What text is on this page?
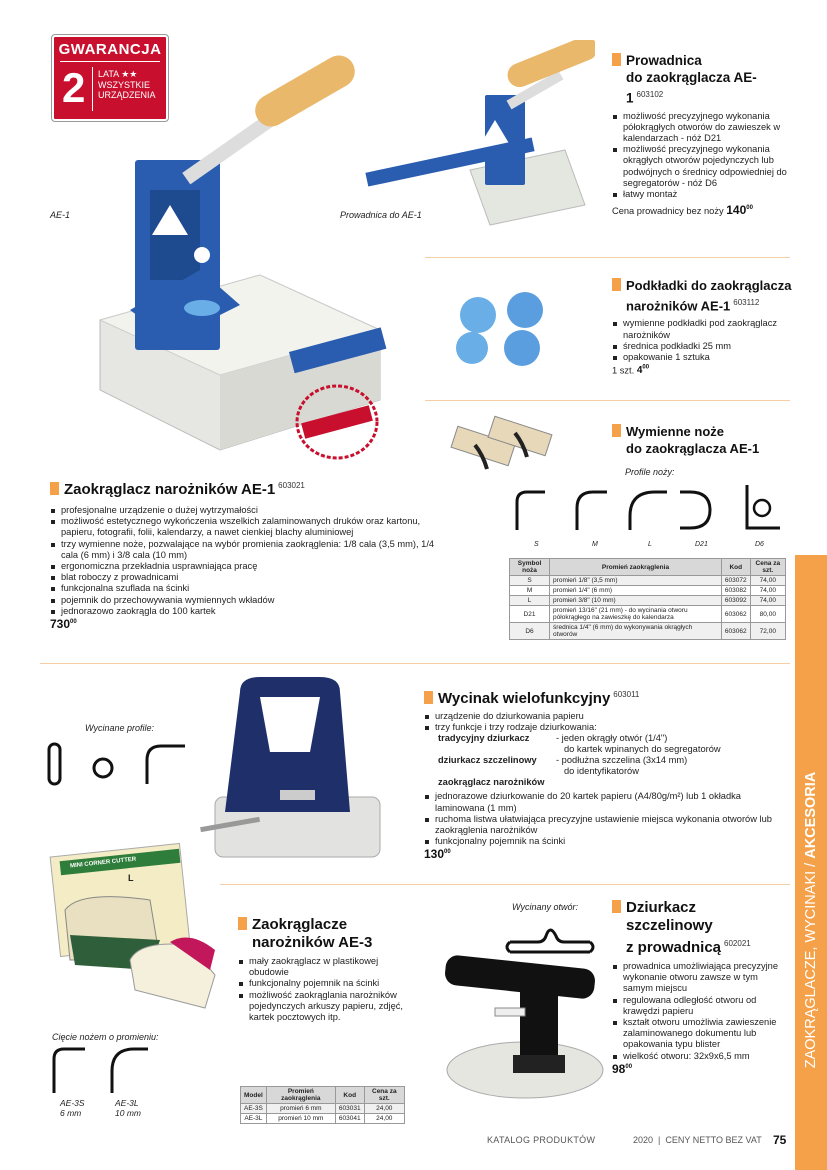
GWARANCJA
2 LATA ★★
WSZYSTKIE
URZĄDZENIA
AE-1	Prowadnica do AE-1
Prowadnica
do zaokrąglacza AE-1 $^{603102}$
możliwość precyzyjnego wykonania półokrągłych otworów do zawieszek w kalendarzach - nóż D21
możliwość precyzyjnego wykonania okrągłych otworów pojedynczych lub podwójnych o średnicy odpowiedniej do segregatorów - nóż D6
łatwy montaż
Cena prowadnicy bez noży $140^{00}$
Podkładki do zaokrąglacza
narożników AE-1 $^{603112}$
wymienne podkładki pod zaokrąglacz narożników
średnica podkładki 25 mm
opakowanie 1 sztuka
1 szt. $4^{00}$
Wymienne noże
do zaokrąglacza AE-1
Profile noży:
S	M	L	D21	D6
Symbol noża	Promień zaokrąglenia	Kod	Cena za szt.
S	promień 1/8" (3,5 mm)	603072	74,00
M	promień 1/4" (6 mm)	603082	74,00
L	promień 3/8" (10 mm)	603092	74,00
D21	promień 13/16" (21 mm) - do wycinania otworu półokrągłego na zawieszkę do kalendarza	603062	80,00
D6	średnica 1/4" (6 mm) do wykonywania okrągłych otworów	603062	72,00
Zaokrąglacz narożników AE-1 $^{603021}$
profesjonalne urządzenie o dużej wytrzymałości
możliwość estetycznego wykończenia wszelkich zalaminowanych druków oraz kartonu, papieru, fotografii, folii, kalendarzy, a nawet cienkiej blachy aluminiowej
trzy wymienne noże, pozwalające na wybór promienia zaokrąglenia: 1/8 cala (3,5 mm), 1/4 cala (6 mm) i 3/8 cala (10 mm)
ergonomiczna przekładnia usprawniająca pracę
blat roboczy z prowadnicami
funkcjonalna szuflada na ścinki
pojemnik do przechowywania wymiennych wkładów
jednorazowo zaokrągla do 100 kartek
$730^{00}$
Wycinane profile:
Wycinak wielofunkcyjny $^{603011}$
urządzenie do dziurkowania papieru
trzy funkcje i trzy rodzaje dziurkowania:
tradycyjny dziurkacz	- jeden okrągły otwór (1/4")
do kartek wpinanych do segregatorów
dziurkacz szczelinowy - podłużna szczelina (3x14 mm)
do identyfikatorów
zaokrąglacz narożników
jednorazowe dziurkowanie do 20 kartek papieru (A4/80g/m²) lub 1 okładka laminowana (1 mm)
ruchoma listwa ułatwiająca precyzyjne ustawienie miejsca wykonania otworów lub zaokrąglenia narożników
funkcjonalny pojemnik na ścinki
$130^{00}$
MINI CORNER CUTTER
L
Zaokrąglacze
narożników AE-3
mały zaokrąglacz w plastikowej obudowie
funkcjonalny pojemnik na ścinki
możliwość zaokrąglania narożników pojedynczych arkuszy papieru, zdjęć, kartek pocztowych itp.
Cięcie nożem o promieniu:
AE-3S
6 mm
AE-3L
10 mm
Model	Promień zaokrąglenia	Kod	Cena za szt.
AE-3S	promień 6 mm	603031	24,00
AE-3L	promień 10 mm	603041	24,00
Wycinany otwór:	Dziurkacz
szczelinowy
z prowadnicą $^{602021}$
prowadnica umożliwiająca precyzyjne wykonanie otworu zawsze w tym samym miejscu
regulowana odległość otworu od krawędzi papieru
kształt otworu umożliwia zawieszenie zalaminowanego dokumentu lub opakowania typu blister
wielkość otworu: 32x9x6,5 mm
$98^{00}$	ZAOKRĄGLACZE, WYCINAKI / AKCESORIA
KATALOG PRODUKTÓW	2020  |  CENY NETTO BEZ VAT 75
